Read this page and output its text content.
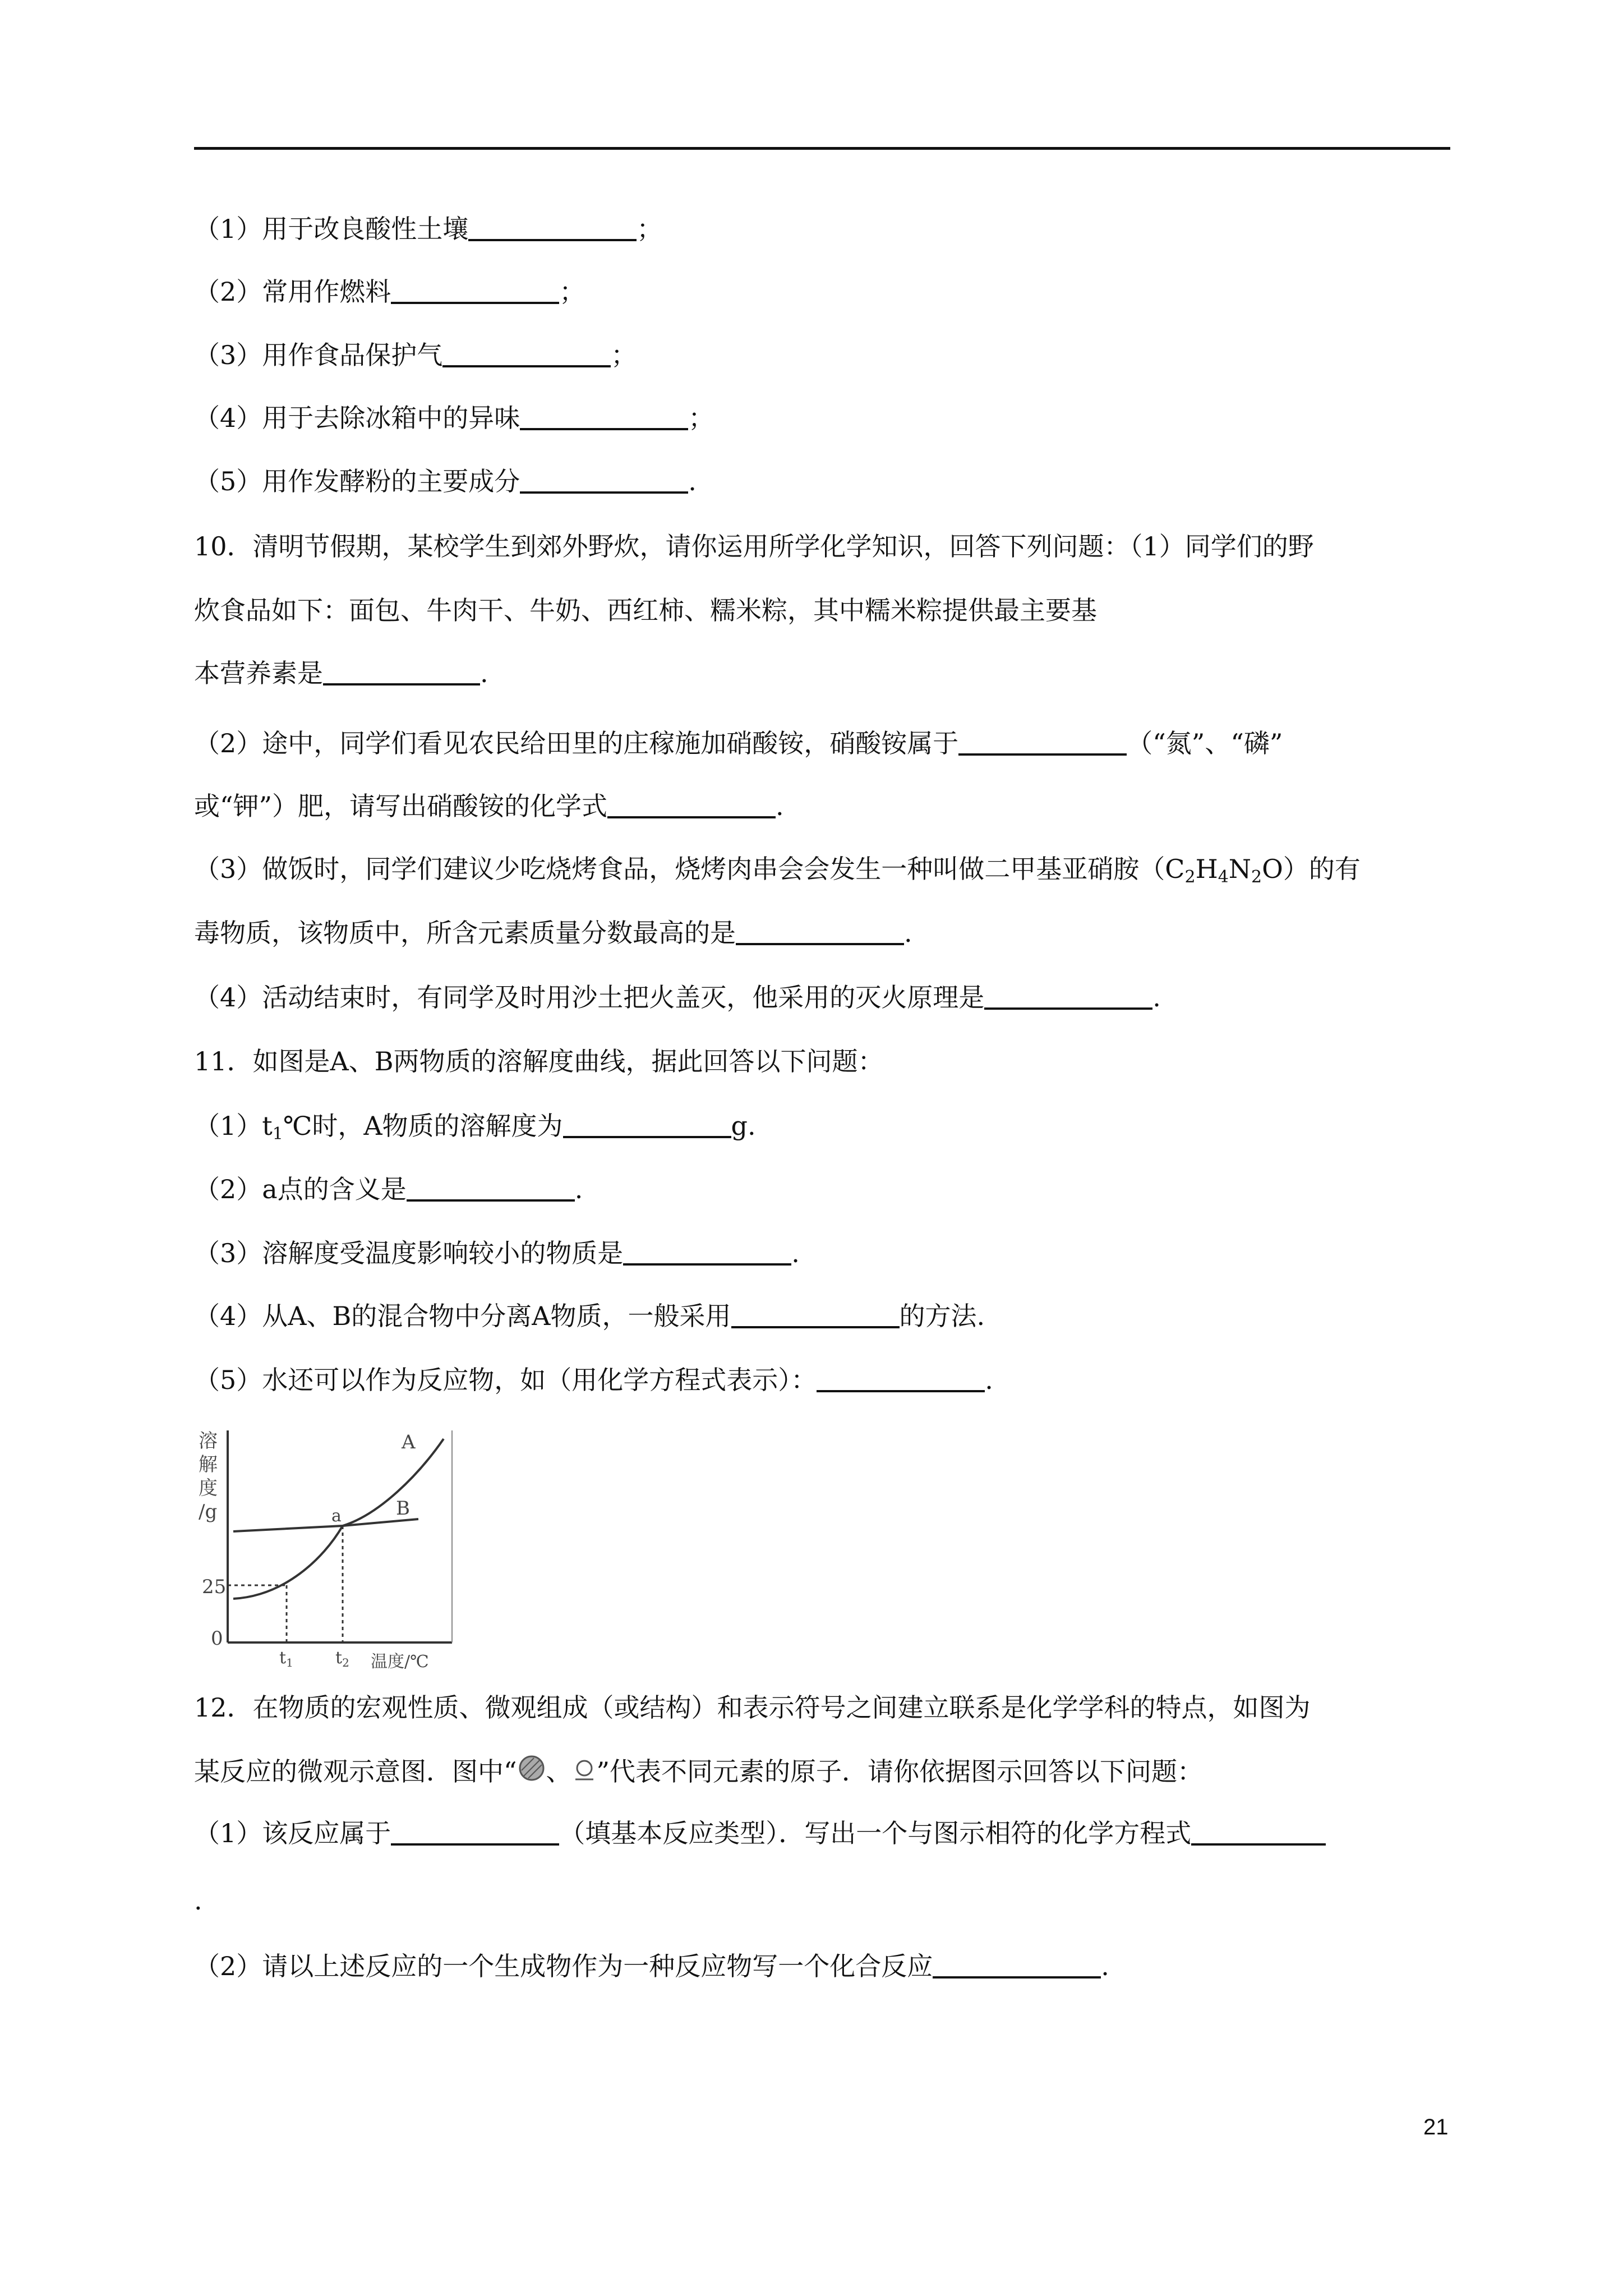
（1）用于改良酸性土壤	；
（2）常用作燃料	；
（3）用作食品保护气	；
（4）用于去除冰箱中的异味	；
（5）用作发酵粉的主要成分	.
10．清明节假期，某校学生到郊外野炊，请你运用所学化学知识，回答下列问题：（1）同学们的野
炊食品如下：面包、牛肉干、牛奶、西红柿、糯米粽，其中糯米粽提供最主要基
本营养素是	.
（2）途中，同学们看见农民给田里的庄稼施加硝酸铵，硝酸铵属于	（“氮”、“磷”
或“钾”）肥，请写出硝酸铵的化学式	.
（3）做饭时，同学们建议少吃烧烤食品，烧烤肉串会会发生一种叫做二甲基亚硝胺$(C_2H_4N_2O)$的有
毒物质，该物质中，所含元素质量分数最高的是	.
（4）活动结束时，有同学及时用沙土把火盖灭，他采用的灭火原理是	.
11．如图是A、B两物质的溶解度曲线，据此回答以下问题：
$(1)t_1℃$时，A物质的溶解度为	g.
（2）a点的含义是	.
（3）溶解度受温度影响较小的物质是	.
（4）从A、B的混合物中分离A物质，一般采用	的方法.
（5）水还可以作为反应物，如（用化学方程式表示）：	.
溶
解
度
/g
25
0
a
A
B
$t_1$	$t_2$ 温度/℃
12．在物质的宏观性质、微观组成（或结构）和表示符号之间建立联系是化学学科的特点，如图为
某反应的微观示意图．图中“ 、 ”代表不同元素的原子．请你依据图示回答以下问题：
（1）该反应属于	（填基本反应类型）．写出一个与图示相符的化学方程式
.
（2）请以上述反应的一个生成物作为一种反应物写一个化合反应	.
21
